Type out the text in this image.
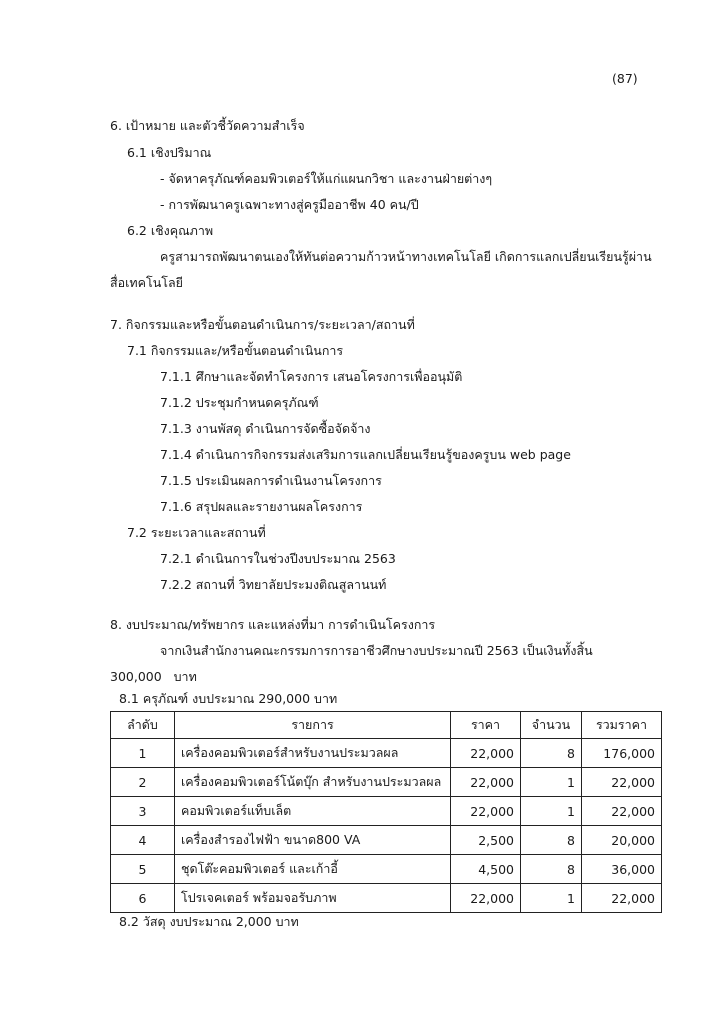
(87)
6. เป้าหมาย และตัวชี้วัดความสำเร็จ
6.1 เชิงปริมาณ
- จัดหาครุภัณฑ์คอมพิวเตอร์ให้แก่แผนกวิชา และงานฝ่ายต่างๆ
- การพัฒนาครูเฉพาะทางสู่ครูมืออาชีพ 40 คน/ปี
6.2 เชิงคุณภาพ
ครูสามารถพัฒนาตนเองให้ทันต่อความก้าวหน้าทางเทคโนโลยี เกิดการแลกเปลี่ยนเรียนรู้ผ่าน
สื่อเทคโนโลยี
7. กิจกรรมและหรือขั้นตอนดำเนินการ/ระยะเวลา/สถานที่
7.1 กิจกรรมและ/หรือขั้นตอนดำเนินการ
7.1.1 ศึกษาและจัดทำโครงการ เสนอโครงการเพื่ออนุมัติ
7.1.2 ประชุมกำหนดครุภัณฑ์
7.1.3 งานพัสดุ ดำเนินการจัดซื้อจัดจ้าง
7.1.4 ดำเนินการกิจกรรมส่งเสริมการแลกเปลี่ยนเรียนรู้ของครูบน web page
7.1.5 ประเมินผลการดำเนินงานโครงการ
7.1.6 สรุปผลและรายงานผลโครงการ
7.2 ระยะเวลาและสถานที่
7.2.1 ดำเนินการในช่วงปีงบประมาณ 2563
7.2.2 สถานที่ วิทยาลัยประมงติณสูลานนท์
8. งบประมาณ/ทรัพยากร และแหล่งที่มา การดำเนินโครงการ
จากเงินสำนักงานคณะกรรมการการอาชีวศึกษางบประมาณปี 2563 เป็นเงินทั้งสิ้น
300,000   บาท
8.1 ครุภัณฑ์ งบประมาณ 290,000 บาท
ลำดับ	รายการ	ราคา	จำนวน	รวมราคา
1	เครื่องคอมพิวเตอร์สำหรับงานประมวลผล	22,000	8	176,000
2	เครื่องคอมพิวเตอร์โน้ตบุ๊ก สำหรับงานประมวลผล	22,000	1	22,000
3	คอมพิวเตอร์แท็บเล็ต	22,000	1	22,000
4	เครื่องสำรองไฟฟ้า ขนาด800 VA	2,500	8	20,000
5	ชุดโต๊ะคอมพิวเตอร์ และเก้าอี้	4,500	8	36,000
6	โปรเจคเตอร์ พร้อมจอรับภาพ	22,000	1	22,000
8.2 วัสดุ งบประมาณ 2,000 บาท
